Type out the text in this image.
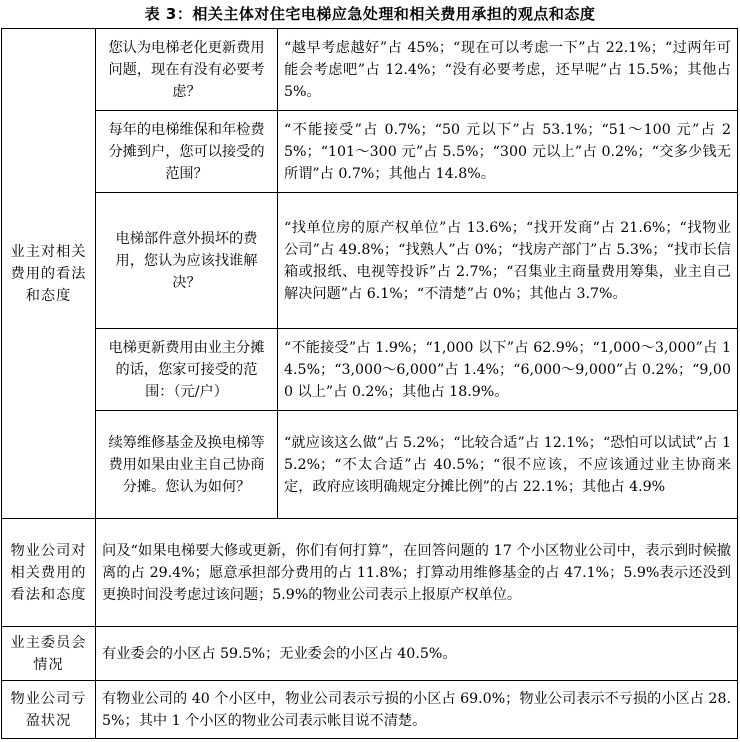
表 3：相关主体对住宅电梯应急处理和相关费用承担的观点和态度
业主对相关费用的看法和态度	您认为电梯老化更新费用问题，现在有没有必要考虑？	“越早考虑越好”占 45%；“现在可以考虑一下”占 22.1%；“过两年可能会考虑吧”占 12.4%；“没有必要考虑，还早呢”占 15.5%；其他占 5%。
	每年的电梯维保和年检费分摊到户，您可以接受的范围？	“不能接受”占 0.7%；“50 元以下”占 53.1%；“51～100 元”占 25%；“101～300 元”占 5.5%；“300 元以上”占 0.2%；“交多少钱无所谓”占 0.7%；其他占 14.8%。
	电梯部件意外损坏的费用，您认为应该找谁解决？	“找单位房的原产权单位”占 13.6%；“找开发商”占 21.6%；“找物业公司”占 49.8%；“找熟人”占 0%；“找房产部门”占 5.3%；“找市长信箱或报纸、电视等投诉”占 2.7%；“召集业主商量费用筹集，业主自己解决问题”占 6.1%；“不清楚”占 0%；其他占 3.7%。
	电梯更新费用由业主分摊的话，您家可接受的范围：（元/户）	“不能接受”占 1.9%；“1,000 以下”占 62.9%；“1,000～3,000”占 14.5%；“3,000～6,000”占 1.4%；“6,000～9,000”占 0.2%；“9,000 以上”占 0.2%；其他占 18.9%。
	续筹维修基金及换电梯等费用如果由业主自己协商分摊。您认为如何？	“就应该这么做”占 5.2%；“比较合适”占 12.1%；“恐怕可以试试”占 15.2%；“不太合适”占 40.5%；“很不应该，不应该通过业主协商来定，政府应该明确规定分摊比例”的占 22.1%；其他占 4.9%
物业公司对相关费用的看法和态度	问及“如果电梯要大修或更新，你们有何打算”，在回答问题的 17 个小区物业公司中，表示到时候撤离的占 29.4%；愿意承担部分费用的占 11.8%；打算动用维修基金的占 47.1%；5.9%表示还没到更换时间没考虑过该问题；5.9%的物业公司表示上报原产权单位。	
业主委员会情况	有业委会的小区占 59.5%；无业委会的小区占 40.5%。	
物业公司亏盈状况	有物业公司的 40 个小区中，物业公司表示亏损的小区占 69.0%；物业公司表示不亏损的小区占 28.5%；其中 1 个小区的物业公司表示帐目说不清楚。	
